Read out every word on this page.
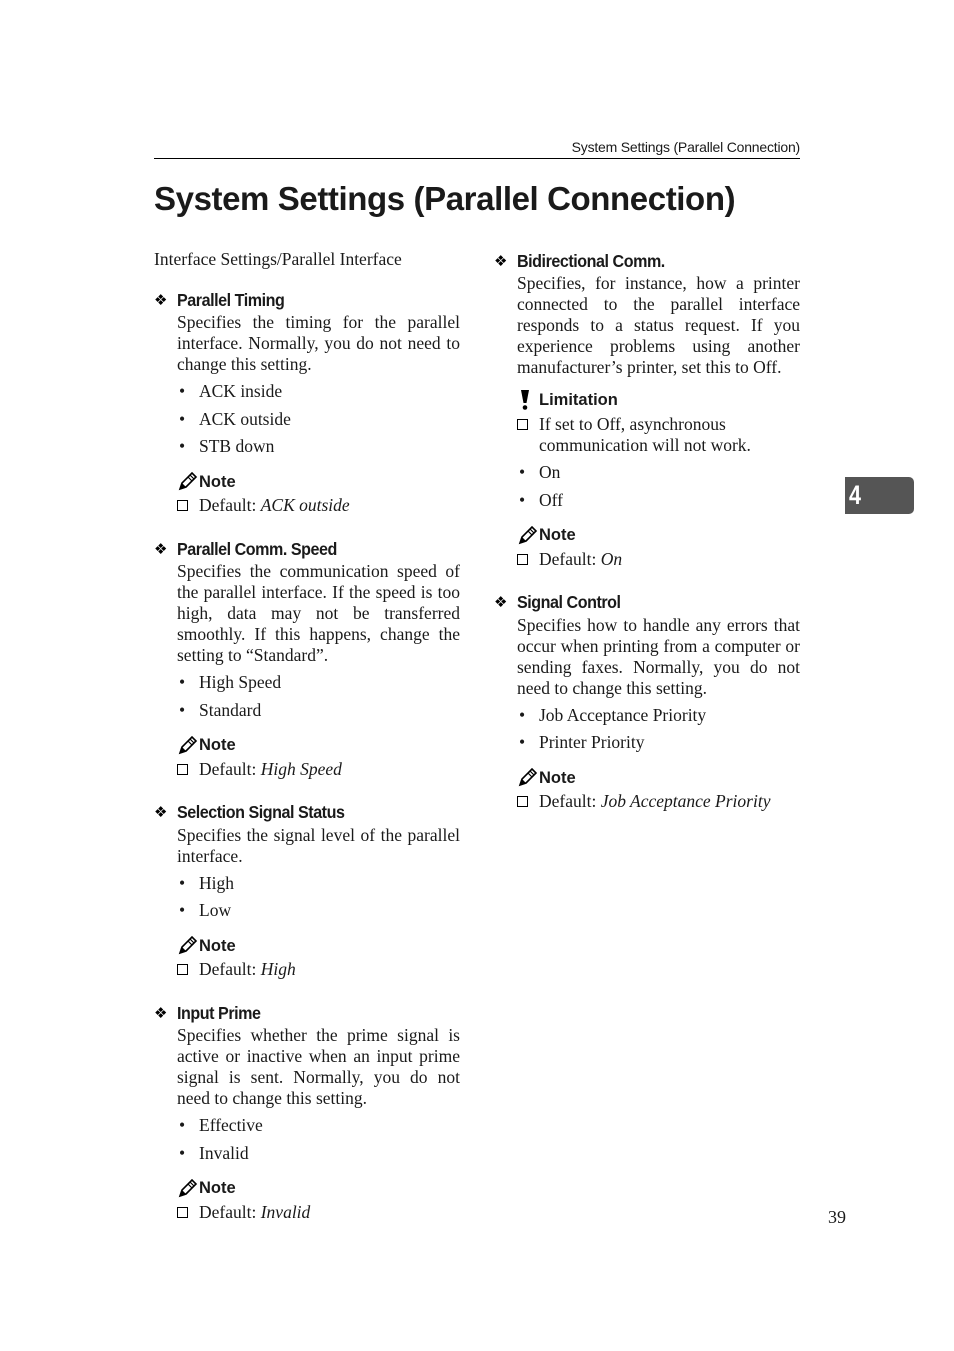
System Settings (Parallel Connection)
System Settings (Parallel Connection)

Interface Settings/Parallel Interface

❖ Parallel Timing

Specifies the timing for the parallel interface. Normally, you do not need to change this setting.

• ACK inside
• ACK outside
• STB down
Note
Default: ACK outside
❖ Parallel Comm. Speed

Specifies the communication speed of the parallel interface. If the speed is too high, data may not be transferred smoothly. If this happens, change the setting to “Standard”.

• High Speed
• Standard
Note
Default: High Speed
❖ Selection Signal Status

Specifies the signal level of the parallel interface.

• High
• Low
Note
Default: High
❖ Input Prime

Specifies whether the prime signal is active or inactive when an input prime signal is sent. Normally, you do not need to change this setting.

• Effective
• Invalid
Note
Default: Invalid
❖ Bidirectional Comm.

Specifies, for instance, how a printer connected to the parallel interface responds to a status request. If you experience problems using another manufacturer’s printer, set this to Off.

Limitation
If set to Off, asynchronous communication will not work.
• On
• Off
Note
Default: On
❖ Signal Control

Specifies how to handle any errors that occur when printing from a computer or sending faxes. Normally, you do not need to change this setting.

• Job Acceptance Priority
• Printer Priority
Note
Default: Job Acceptance Priority
4
39
